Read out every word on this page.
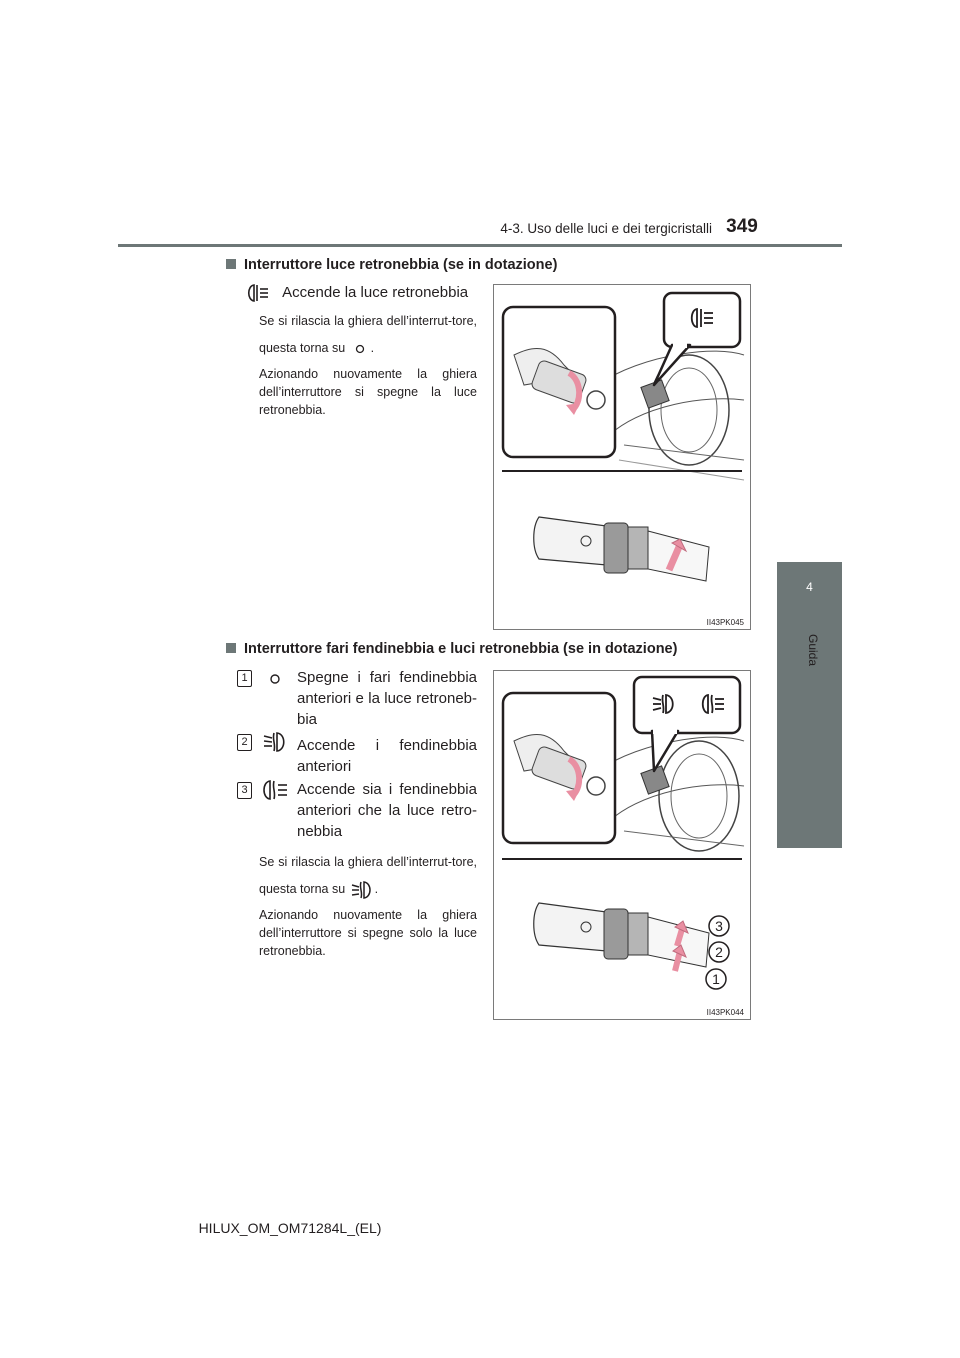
4-3. Uso delle luci e dei tergicristalli 349
4
Guida
Interruttore luce retronebbia (se in dotazione)
Accende la luce retronebbia
Se si rilascia la ghiera dell’interrut-tore, questa torna su .
Azionando nuovamente la ghiera dell’interruttore si spegne la luce retronebbia.
II43PK045
Interruttore fari fendinebbia e luci retronebbia (se in dotazione)
1	Spegne i fari fendinebbia anteriori e la luce retroneb-bia
2	Accende i fendinebbia anteriori
3	Accende sia i fendinebbia anteriori che la luce retro-nebbia
Se si rilascia la ghiera dell’interrut-tore, questa torna su .
Azionando nuovamente la ghiera dell’interruttore si spegne solo la luce retronebbia.
3
2
1
II43PK044
HILUX_OM_OM71284L_(EL)
